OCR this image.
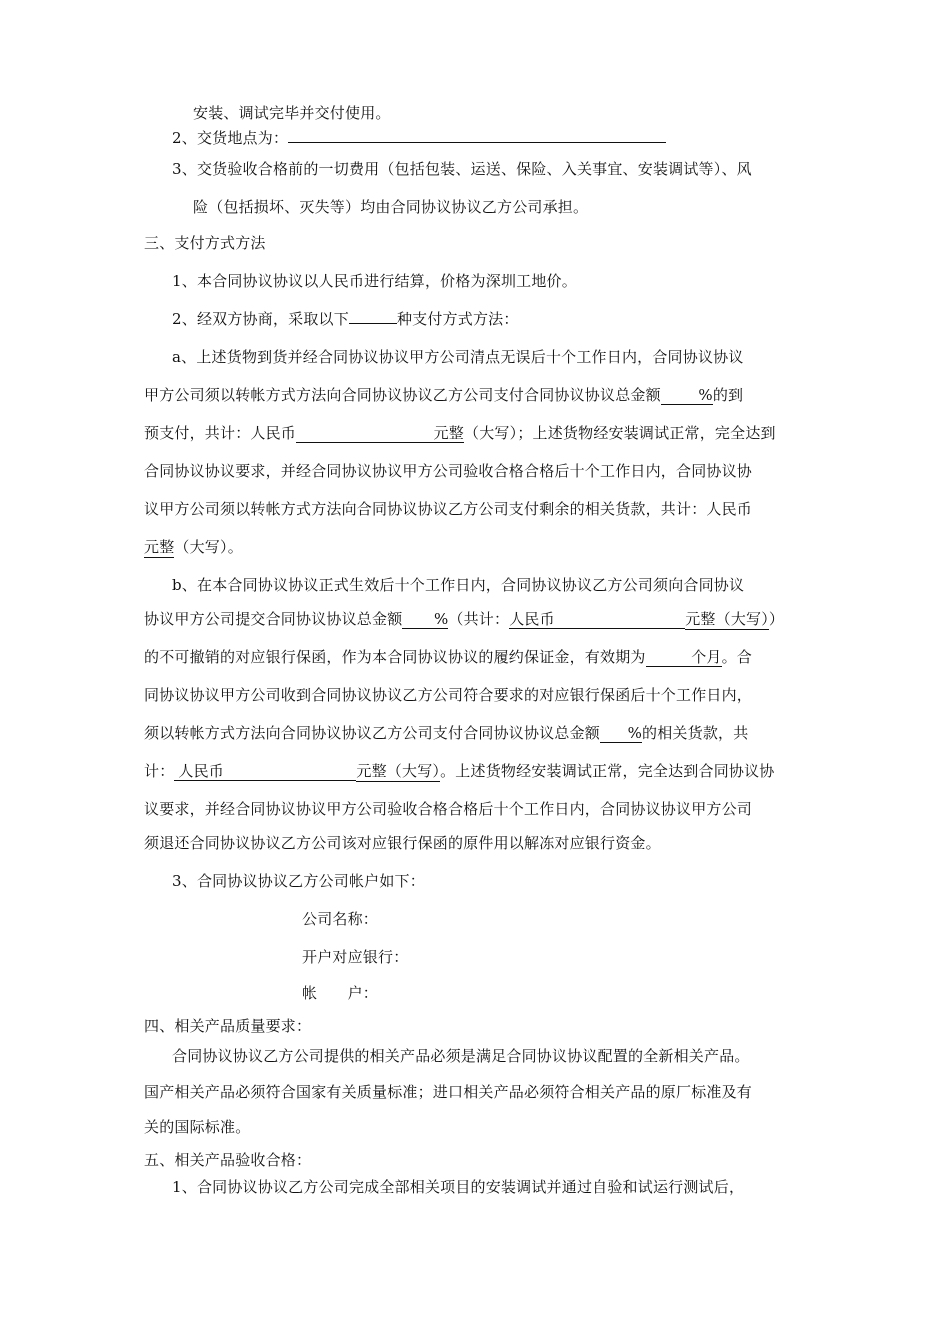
安装、调试完毕并交付使用。
2、交货地点为：
3、交货验收合格前的一切费用（包括包装、运送、保险、入关事宜、安装调试等）、风
险（包括损坏、灭失等）均由合同协议协议乙方公司承担。
三、支付方式方法
1、本合同协议协议以人民币进行结算，价格为深圳工地价。
2、经双方协商，采取以下	种支付方式方法：
a、上述货物到货并经合同协议协议甲方公司清点无误后十个工作日内，合同协议协议
甲方公司须以转帐方式方法向合同协议协议乙方公司支付合同协议协议总金额	%的到
预支付，共计：人民币	元整（大写）；上述货物经安装调试正常，完全达到
合同协议协议要求，并经合同协议协议甲方公司验收合格合格后十个工作日内，合同协议协
议甲方公司须以转帐方式方法向合同协议协议乙方公司支付剩余的相关货款，共计：人民币
元整（大写）。
b、在本合同协议协议正式生效后十个工作日内，合同协议协议乙方公司须向合同协议
协议甲方公司提交合同协议协议总金额 %（共计：人民币	元整（大写））
的不可撤销的对应银行保函，作为本合同协议协议的履约保证金，有效期为	个月。合
同协议协议甲方公司收到合同协议协议乙方公司符合要求的对应银行保函后十个工作日内，
须以转帐方式方法向合同协议协议乙方公司支付合同协议协议总金额 %的相关货款，共
计： 人民币	元整（大写）。上述货物经安装调试正常，完全达到合同协议协
议要求，并经合同协议协议甲方公司验收合格合格后十个工作日内，合同协议协议甲方公司
须退还合同协议协议乙方公司该对应银行保函的原件用以解冻对应银行资金。
3、合同协议协议乙方公司帐户如下：
公司名称：
开户对应银行：
帐　　户：
四、相关产品质量要求：
合同协议协议乙方公司提供的相关产品必须是满足合同协议协议配置的全新相关产品。
国产相关产品必须符合国家有关质量标准；进口相关产品必须符合相关产品的原厂标准及有
关的国际标准。
五、相关产品验收合格：
1、合同协议协议乙方公司完成全部相关项目的安装调试并通过自验和试运行测试后，
